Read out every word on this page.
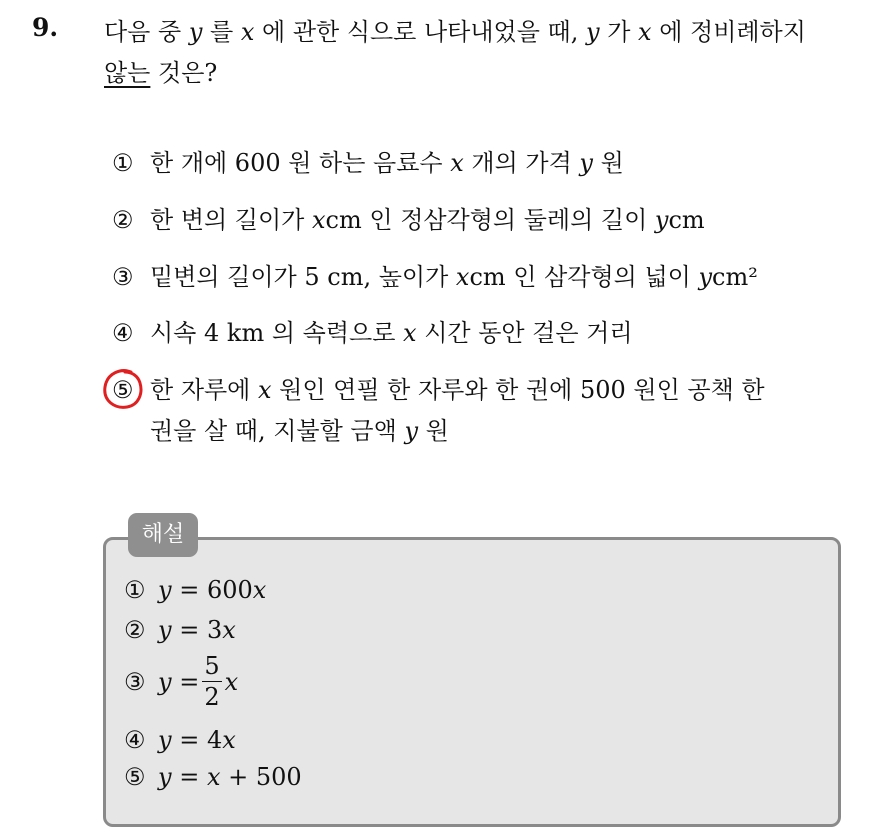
9. 다음 중 y 를 x 에 관한 식으로 나타내었을 때, y 가 x 에 정비례하지
않는 것은?
① 한 개에 600 원 하는 음료수 x 개의 가격 y 원
② 한 변의 길이가 xcm 인 정삼각형의 둘레의 길이 ycm
③ 밑변의 길이가 5 cm, 높이가 xcm 인 삼각형의 넓이 ycm²
④ 시속 4 km 의 속력으로 x 시간 동안 걸은 거리
⑤ 한 자루에 x 원인 연필 한 자루와 한 권에 500 원인 공책 한
권을 살 때, 지불할 금액 y 원
해설
① y
= 600 x
② y
= 3 x
③ y
= $\frac{5}{2}$ x
④ y
= 4 x
⑤ y
=
x
+ 500
